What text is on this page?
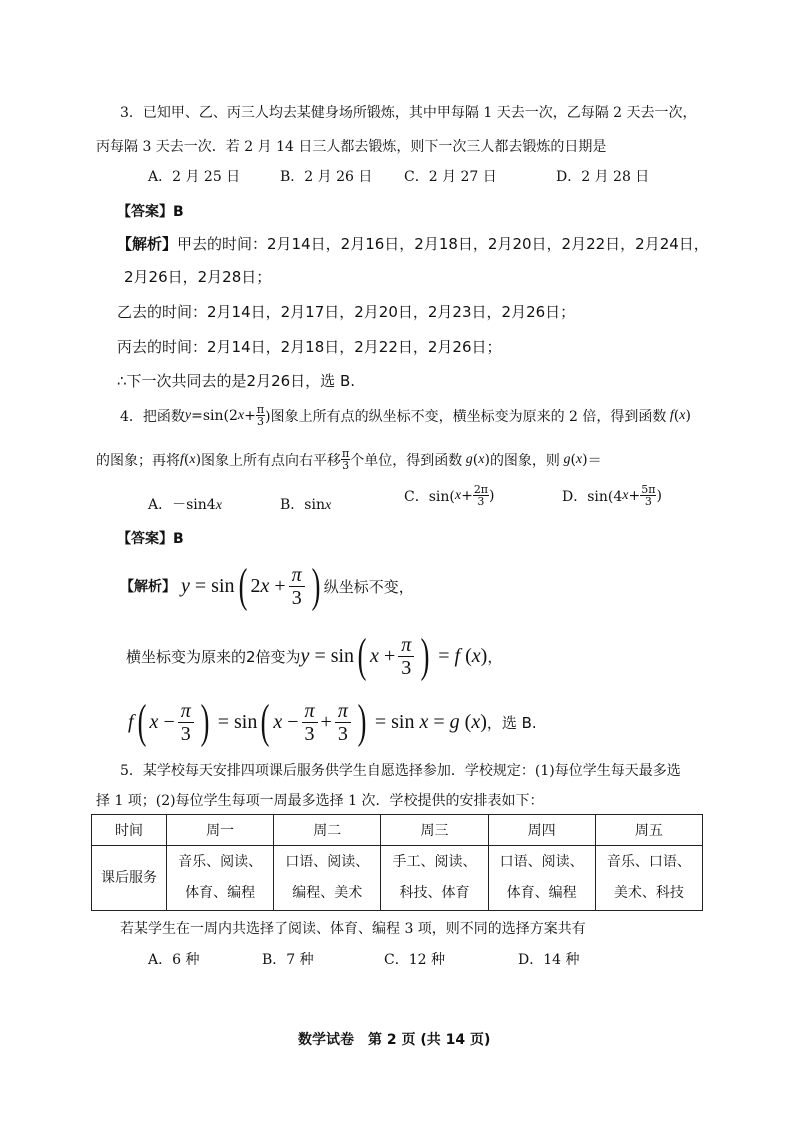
3．已知甲、乙、丙三人均去某健身场所锻炼，其中甲每隔 1 天去一次，乙每隔 2 天去一次，
丙每隔 3 天去一次．若 2 月 14 日三人都去锻炼，则下一次三人都去锻炼的日期是
A．2 月 25 日	B．2 月 26 日 C．2 月 27 日	D．2 月 28 日
【答案】B
【解析】甲去的时间：2月14日，2月16日，2月18日，2月20日，2月22日，2月24日，
2月26日，2月28日；
乙去的时间：2月14日，2月17日，2月20日，2月23日，2月26日；
丙去的时间：2月14日，2月18日，2月22日，2月26日；
∴下一次共同去的是2月26日，选 B.
4．把函数 y =sin(2 $x + \frac{\pi}{3}$ )图象上所有点的纵坐标不变，横坐标变为原来的 2 倍，得到函数 f ( x )
的图象；再将 f ( x ) 图象上所有点向右平移 $\frac{\pi}{3}$ 个单位，得到函数 g ( x ) 的图象，则 g ( x ) ＝
A．－sin4x	B．sinx
C．sin( $x + \frac{2\pi}{3}$ )	D．sin(4 $x + \frac{5\pi}{3}$ )
【答案】B
【解析】 y = sin ( 2 x + π
3 ) 纵坐标不变，
横坐标变为原来的2倍变为 y = sin ( x + π
3 ) = f ( x ) ，
f ( x − π
3 ) = sin ( x − π
3
+ π
3 ) = sin x = g ( x ) ，选 B.
5．某学校每天安排四项课后服务供学生自愿选择参加．学校规定：(1)每位学生每天最多选
择 1 项；(2)每位学生每项一周最多选择 1 次．学校提供的安排表如下：
时间	周一	周二	周三	周四	周五
课后服务	音乐、阅读、体育、编程	口语、阅读、编程、美术	手工、阅读、科技、体育	口语、阅读、体育、编程	音乐、口语、美术、科技
若某学生在一周内共选择了阅读、体育、编程 3 项，则不同的选择方案共有
A．6 种	B．7 种	C．12 种	D．14 种
数学试卷　第 2 页 (共 14 页)
